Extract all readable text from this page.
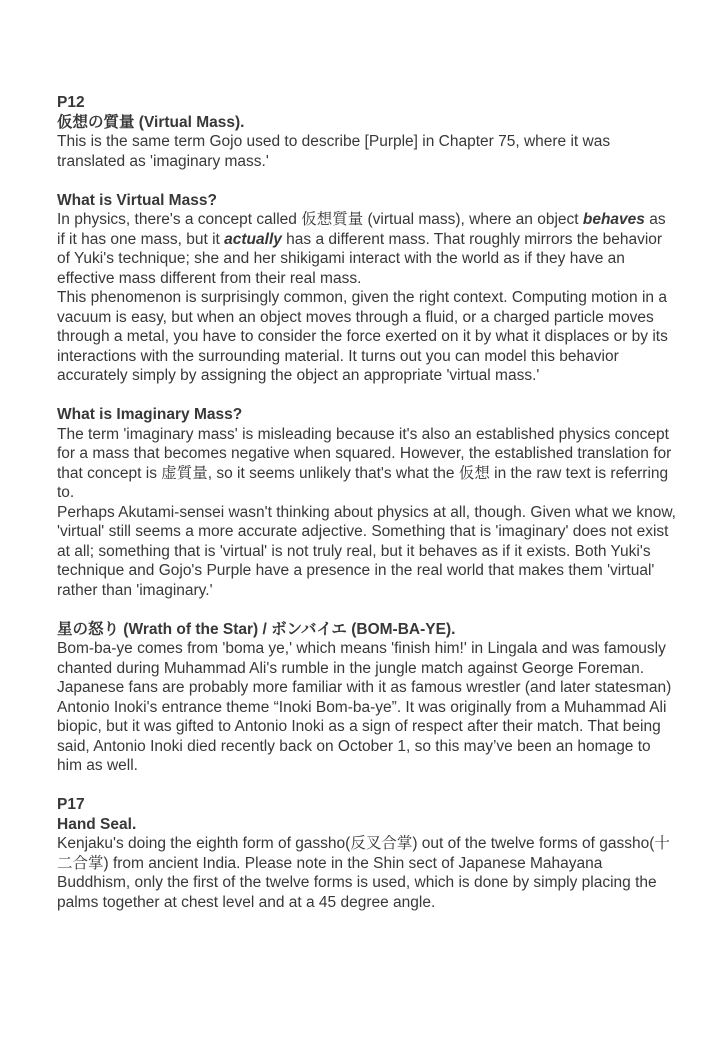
P12
仮想の質量 (Virtual Mass).

This is the same term Gojo used to describe [Purple] in Chapter 75, where it was translated as 'imaginary mass.'

What is Virtual Mass?

In physics, there's a concept called 仮想質量 (virtual mass), where an object behaves as if it has one mass, but it actually has a different mass. That roughly mirrors the behavior of Yuki's technique; she and her shikigami interact with the world as if they have an effective mass different from their real mass.

This phenomenon is surprisingly common, given the right context. Computing motion in a vacuum is easy, but when an object moves through a fluid, or a charged particle moves through a metal, you have to consider the force exerted on it by what it displaces or by its interactions with the surrounding material. It turns out you can model this behavior accurately simply by assigning the object an appropriate 'virtual mass.'

What is Imaginary Mass?

The term 'imaginary mass' is misleading because it's also an established physics concept for a mass that becomes negative when squared. However, the established translation for that concept is 虚質量, so it seems unlikely that's what the 仮想 in the raw text is referring to.

Perhaps Akutami-sensei wasn't thinking about physics at all, though. Given what we know, 'virtual' still seems a more accurate adjective. Something that is 'imaginary' does not exist at all; something that is 'virtual' is not truly real, but it behaves as if it exists. Both Yuki's technique and Gojo's Purple have a presence in the real world that makes them 'virtual' rather than 'imaginary.'

星の怒り (Wrath of the Star) / ボンバイエ (BOM-BA-YE).

Bom-ba-ye comes from 'boma ye,' which means 'finish him!' in Lingala and was famously chanted during Muhammad Ali's rumble in the jungle match against George Foreman. Japanese fans are probably more familiar with it as famous wrestler (and later statesman) Antonio Inoki's entrance theme “Inoki Bom-ba-ye”. It was originally from a Muhammad Ali biopic, but it was gifted to Antonio Inoki as a sign of respect after their match. That being said, Antonio Inoki died recently back on October 1, so this may’ve been an homage to him as well.

P17
Hand Seal.

Kenjaku's doing the eighth form of gassho(反叉合掌) out of the twelve forms of gassho(十二合掌) from ancient India. Please note in the Shin sect of Japanese Mahayana Buddhism, only the first of the twelve forms is used, which is done by simply placing the palms together at chest level and at a 45 degree angle.
